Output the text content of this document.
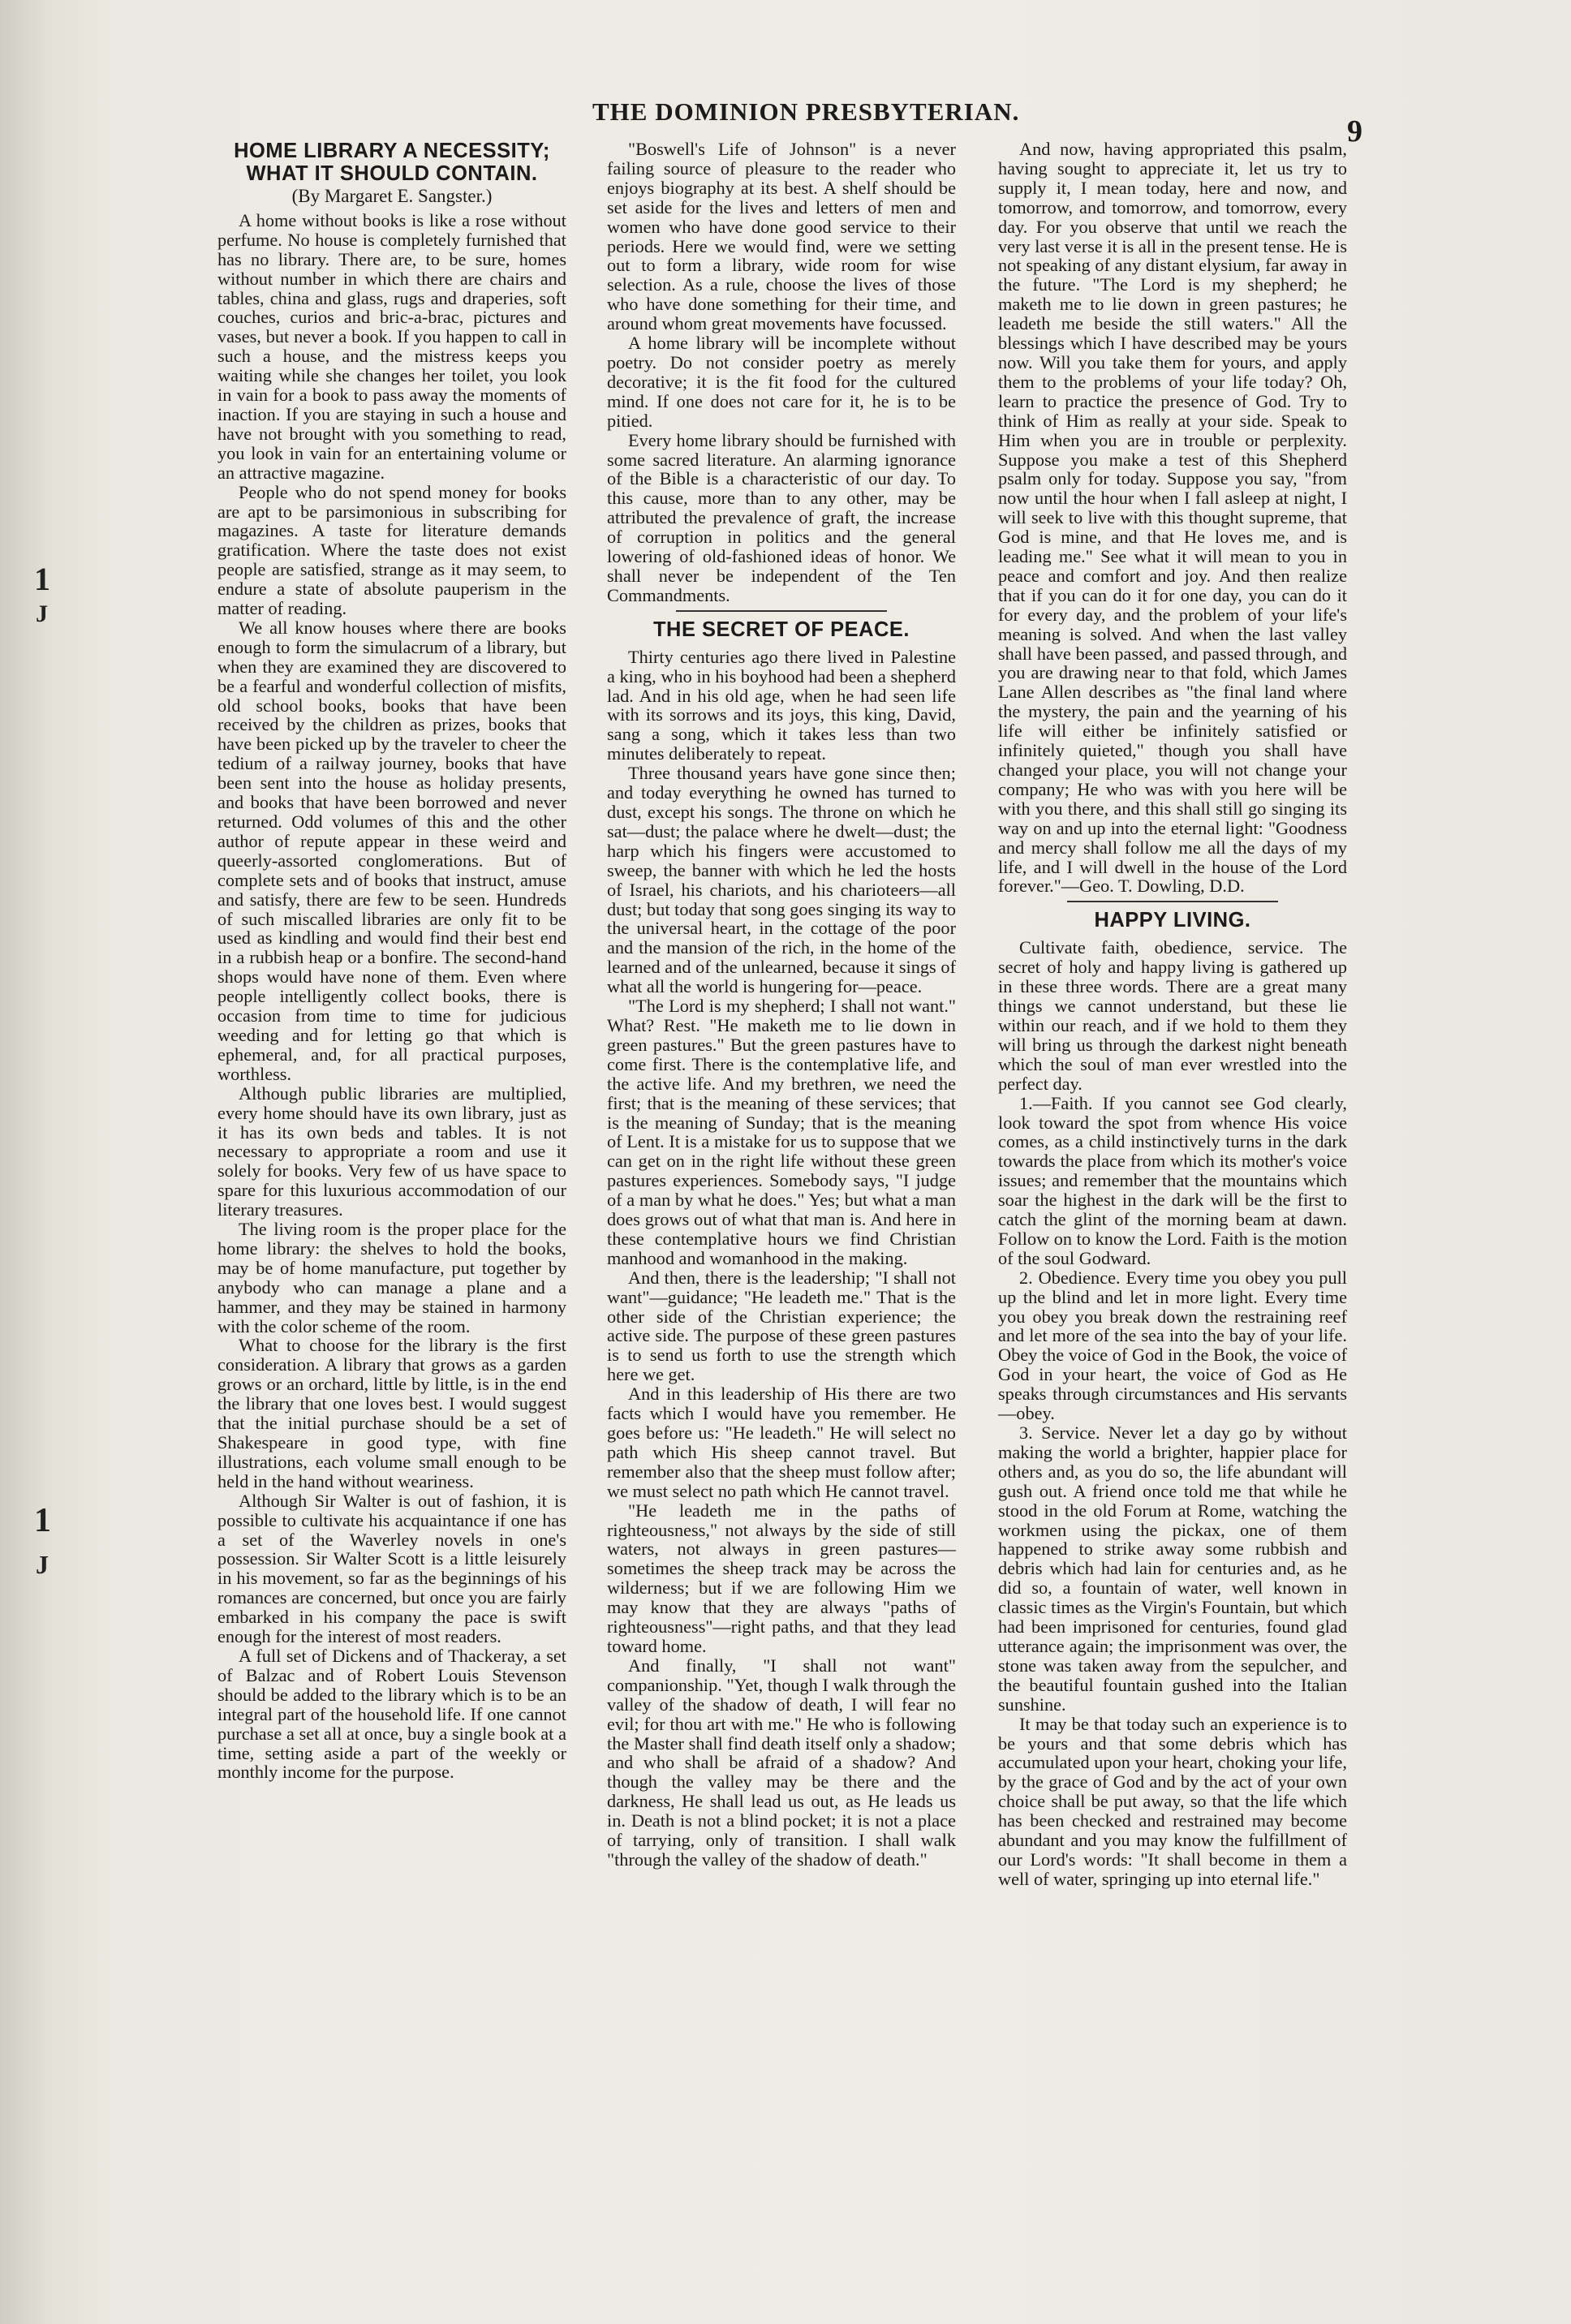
1
J
1
J
THE DOMINION PRESBYTERIAN.
9
HOME LIBRARY A NECESSITY; WHAT IT SHOULD CONTAIN.
(By Margaret E. Sangster.)

A home without books is like a rose without perfume. No house is completely furnished that has no library. There are, to be sure, homes without number in which there are chairs and tables, china and glass, rugs and draperies, soft couches, curios and bric-a-brac, pictures and vases, but never a book. If you happen to call in such a house, and the mistress keeps you waiting while she changes her toilet, you look in vain for a book to pass away the moments of inaction. If you are staying in such a house and have not brought with you something to read, you look in vain for an entertaining volume or an attractive magazine.

People who do not spend money for books are apt to be parsimonious in subscribing for magazines. A taste for literature demands gratification. Where the taste does not exist people are satisfied, strange as it may seem, to endure a state of absolute pauperism in the matter of reading.

We all know houses where there are books enough to form the simulacrum of a library, but when they are examined they are discovered to be a fearful and wonderful collection of misfits, old school books, books that have been received by the children as prizes, books that have been picked up by the traveler to cheer the tedium of a railway journey, books that have been sent into the house as holiday presents, and books that have been borrowed and never returned. Odd volumes of this and the other author of repute appear in these weird and queerly-assorted conglomerations. But of complete sets and of books that instruct, amuse and satisfy, there are few to be seen. Hundreds of such miscalled libraries are only fit to be used as kindling and would find their best end in a rubbish heap or a bonfire. The second-hand shops would have none of them. Even where people intelligently collect books, there is occasion from time to time for judicious weeding and for letting go that which is ephemeral, and, for all practical purposes, worthless.

Although public libraries are multiplied, every home should have its own library, just as it has its own beds and tables. It is not necessary to appropriate a room and use it solely for books. Very few of us have space to spare for this luxurious accommodation of our literary treasures.

The living room is the proper place for the home library: the shelves to hold the books, may be of home manufacture, put together by anybody who can manage a plane and a hammer, and they may be stained in harmony with the color scheme of the room.

What to choose for the library is the first consideration. A library that grows as a garden grows or an orchard, little by little, is in the end the library that one loves best. I would suggest that the initial purchase should be a set of Shakespeare in good type, with fine illustrations, each volume small enough to be held in the hand without weariness.

Although Sir Walter is out of fashion, it is possible to cultivate his acquaintance if one has a set of the Waverley novels in one's possession. Sir Walter Scott is a little leisurely in his movement, so far as the beginnings of his romances are concerned, but once you are fairly embarked in his company the pace is swift enough for the interest of most readers.

A full set of Dickens and of Thackeray, a set of Balzac and of Robert Louis Stevenson should be added to the library which is to be an integral part of the household life. If one cannot purchase a set all at once, buy a single book at a time, setting aside a part of the weekly or monthly income for the purpose.

"Boswell's Life of Johnson" is a never failing source of pleasure to the reader who enjoys biography at its best. A shelf should be set aside for the lives and letters of men and women who have done good service to their periods. Here we would find, were we setting out to form a library, wide room for wise selection. As a rule, choose the lives of those who have done something for their time, and around whom great movements have focussed.

A home library will be incomplete without poetry. Do not consider poetry as merely decorative; it is the fit food for the cultured mind. If one does not care for it, he is to be pitied.

Every home library should be furnished with some sacred literature. An alarming ignorance of the Bible is a characteristic of our day. To this cause, more than to any other, may be attributed the prevalence of graft, the increase of corruption in politics and the general lowering of old-fashioned ideas of honor. We shall never be independent of the Ten Commandments.

THE SECRET OF PEACE.

Thirty centuries ago there lived in Palestine a king, who in his boyhood had been a shepherd lad. And in his old age, when he had seen life with its sorrows and its joys, this king, David, sang a song, which it takes less than two minutes deliberately to repeat.

Three thousand years have gone since then; and today everything he owned has turned to dust, except his songs. The throne on which he sat—dust; the palace where he dwelt—dust; the harp which his fingers were accustomed to sweep, the banner with which he led the hosts of Israel, his chariots, and his charioteers—all dust; but today that song goes singing its way to the universal heart, in the cottage of the poor and the mansion of the rich, in the home of the learned and of the unlearned, because it sings of what all the world is hungering for—peace.

"The Lord is my shepherd; I shall not want." What? Rest. "He maketh me to lie down in green pastures." But the green pastures have to come first. There is the contemplative life, and the active life. And my brethren, we need the first; that is the meaning of these services; that is the meaning of Sunday; that is the meaning of Lent. It is a mistake for us to suppose that we can get on in the right life without these green pastures experiences. Somebody says, "I judge of a man by what he does." Yes; but what a man does grows out of what that man is. And here in these contemplative hours we find Christian manhood and womanhood in the making.

And then, there is the leadership; "I shall not want"—guidance; "He leadeth me." That is the other side of the Christian experience; the active side. The purpose of these green pastures is to send us forth to use the strength which here we get.

And in this leadership of His there are two facts which I would have you remember. He goes before us: "He leadeth." He will select no path which His sheep cannot travel. But remember also that the sheep must follow after; we must select no path which He cannot travel.

"He leadeth me in the paths of righteousness," not always by the side of still waters, not always in green pastures—sometimes the sheep track may be across the wilderness; but if we are following Him we may know that they are always "paths of righteousness"—right paths, and that they lead toward home.

And finally, "I shall not want" companionship. "Yet, though I walk through the valley of the shadow of death, I will fear no evil; for thou art with me." He who is following the Master shall find death itself only a shadow; and who shall be afraid of a shadow? And though the valley may be there and the darkness, He shall lead us out, as He leads us in. Death is not a blind pocket; it is not a place of tarrying, only of transition. I shall walk "through the valley of the shadow of death."

And now, having appropriated this psalm, having sought to appreciate it, let us try to supply it, I mean today, here and now, and tomorrow, and tomorrow, and tomorrow, every day. For you observe that until we reach the very last verse it is all in the present tense. He is not speaking of any distant elysium, far away in the future. "The Lord is my shepherd; he maketh me to lie down in green pastures; he leadeth me beside the still waters." All the blessings which I have described may be yours now. Will you take them for yours, and apply them to the problems of your life today? Oh, learn to practice the presence of God. Try to think of Him as really at your side. Speak to Him when you are in trouble or perplexity. Suppose you make a test of this Shepherd psalm only for today. Suppose you say, "from now until the hour when I fall asleep at night, I will seek to live with this thought supreme, that God is mine, and that He loves me, and is leading me." See what it will mean to you in peace and comfort and joy. And then realize that if you can do it for one day, you can do it for every day, and the problem of your life's meaning is solved. And when the last valley shall have been passed, and passed through, and you are drawing near to that fold, which James Lane Allen describes as "the final land where the mystery, the pain and the yearning of his life will either be infinitely satisfied or infinitely quieted," though you shall have changed your place, you will not change your company; He who was with you here will be with you there, and this shall still go singing its way on and up into the eternal light: "Goodness and mercy shall follow me all the days of my life, and I will dwell in the house of the Lord forever."—Geo. T. Dowling, D.D.

HAPPY LIVING.

Cultivate faith, obedience, service. The secret of holy and happy living is gathered up in these three words. There are a great many things we cannot understand, but these lie within our reach, and if we hold to them they will bring us through the darkest night beneath which the soul of man ever wrestled into the perfect day.

1.—Faith. If you cannot see God clearly, look toward the spot from whence His voice comes, as a child instinctively turns in the dark towards the place from which its mother's voice issues; and remember that the mountains which soar the highest in the dark will be the first to catch the glint of the morning beam at dawn. Follow on to know the Lord. Faith is the motion of the soul Godward.

2. Obedience. Every time you obey you pull up the blind and let in more light. Every time you obey you break down the restraining reef and let more of the sea into the bay of your life. Obey the voice of God in the Book, the voice of God in your heart, the voice of God as He speaks through circumstances and His servants—obey.

3. Service. Never let a day go by without making the world a brighter, happier place for others and, as you do so, the life abundant will gush out. A friend once told me that while he stood in the old Forum at Rome, watching the workmen using the pickax, one of them happened to strike away some rubbish and debris which had lain for centuries and, as he did so, a fountain of water, well known in classic times as the Virgin's Fountain, but which had been imprisoned for centuries, found glad utterance again; the imprisonment was over, the stone was taken away from the sepulcher, and the beautiful fountain gushed into the Italian sunshine.

It may be that today such an experience is to be yours and that some debris which has accumulated upon your heart, choking your life, by the grace of God and by the act of your own choice shall be put away, so that the life which has been checked and restrained may become abundant and you may know the fulfillment of our Lord's words: "It shall become in them a well of water, springing up into eternal life."
